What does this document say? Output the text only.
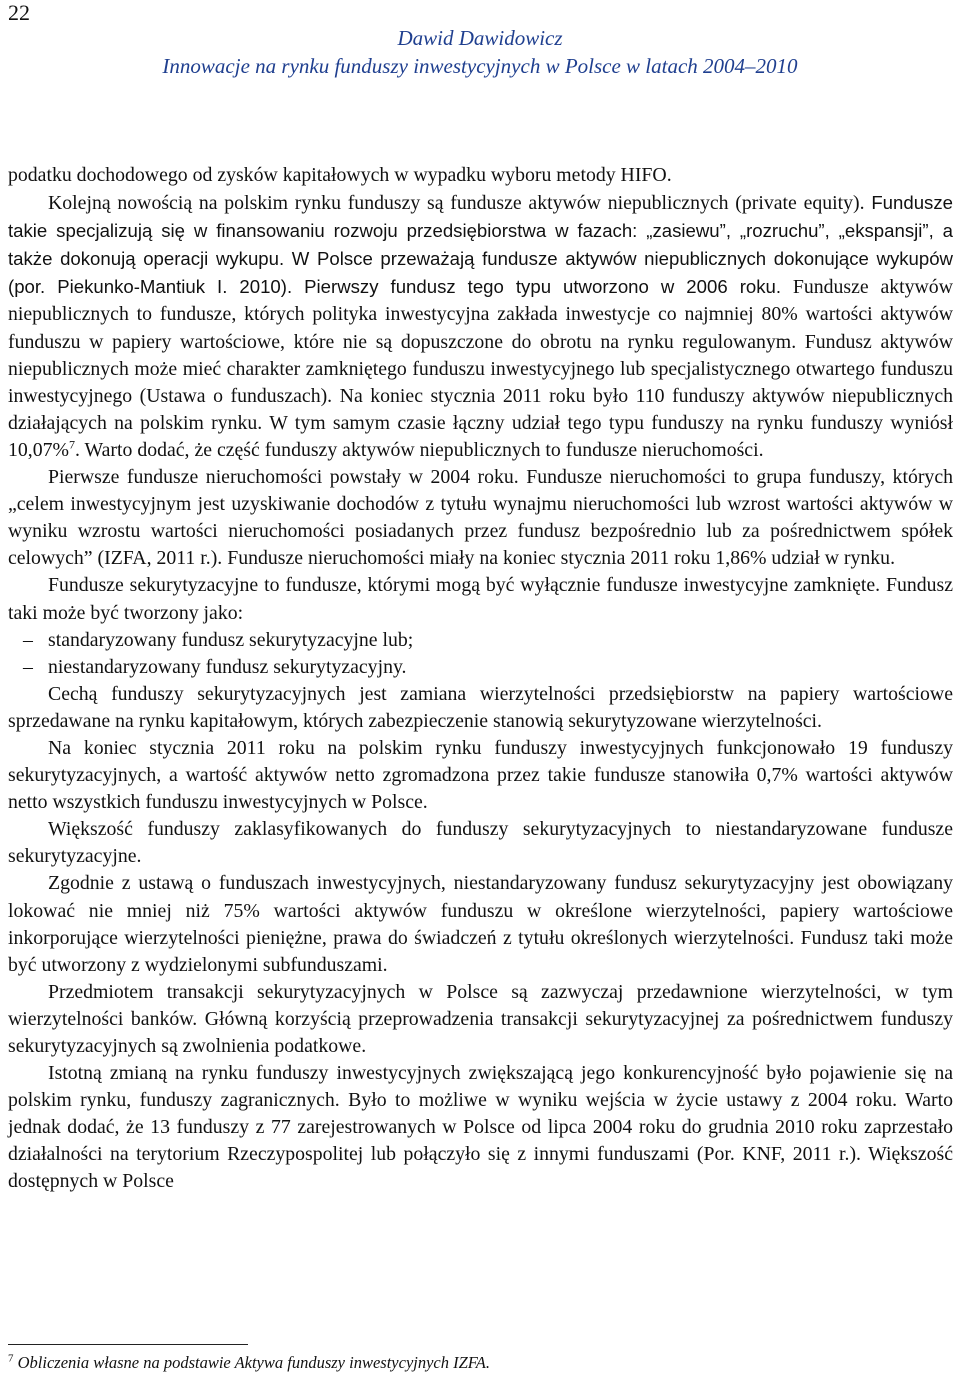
22
Dawid Dawidowicz
Innowacje na rynku funduszy inwestycyjnych w Polsce w latach 2004–2010

podatku dochodowego od zysków kapitałowych w wypadku wyboru metody HIFO.

Kolejną nowością na polskim rynku funduszy są fundusze aktywów niepublicznych (private equity). Fundusze takie specjalizują się w finansowaniu rozwoju przedsiębiorstwa w fazach: „zasiewu”, „rozruchu”, „ekspansji”, a także dokonują operacji wykupu. W Polsce przeważają fundusze aktywów niepublicznych dokonujące wykupów (por. Piekunko-Mantiuk I. 2010). Pierwszy fundusz tego typu utworzono w 2006 roku. Fundusze aktywów niepublicznych to fundusze, których polityka inwestycyjna zakłada inwestycje co najmniej 80% wartości aktywów funduszu w papiery wartościowe, które nie są dopuszczone do obrotu na rynku regulowanym. Fundusz aktywów niepublicznych może mieć charakter zamkniętego funduszu inwestycyjnego lub specjalistycznego otwartego funduszu inwestycyjnego (Ustawa o funduszach). Na koniec stycznia 2011 roku było 110 funduszy aktywów niepublicznych działających na polskim rynku. W tym samym czasie łączny udział tego typu funduszy na rynku funduszy wyniósł 10,07%$^7$. Warto dodać, że część funduszy aktywów niepublicznych to fundusze nieruchomości.

Pierwsze fundusze nieruchomości powstały w 2004 roku. Fundusze nieruchomości to grupa funduszy, których „celem inwestycyjnym jest uzyskiwanie dochodów z tytułu wynajmu nieruchomości lub wzrost wartości aktywów w wyniku wzrostu wartości nieruchomości posiadanych przez fundusz bezpośrednio lub za pośrednictwem spółek celowych” (IZFA, 2011 r.). Fundusze nieruchomości miały na koniec stycznia 2011 roku 1,86% udział w rynku.

Fundusze sekurytyzacyjne to fundusze, którymi mogą być wyłącznie fundusze inwestycyjne zamknięte. Fundusz taki może być tworzony jako:

– standaryzowany fundusz sekurytyzacyjne lub;

– niestandaryzowany fundusz sekurytyzacyjny.

Cechą funduszy sekurytyzacyjnych jest zamiana wierzytelności przedsiębiorstw na papiery wartościowe sprzedawane na rynku kapitałowym, których zabezpieczenie stanowią sekurytyzowane wierzytelności.

Na koniec stycznia 2011 roku na polskim rynku funduszy inwestycyjnych funkcjonowało 19 funduszy sekurytyzacyjnych, a wartość aktywów netto zgromadzona przez takie fundusze stanowiła 0,7% wartości aktywów netto wszystkich funduszu inwestycyjnych w Polsce.

Większość funduszy zaklasyfikowanych do funduszy sekurytyzacyjnych to niestandaryzowane fundusze sekurytyzacyjne.

Zgodnie z ustawą o funduszach inwestycyjnych, niestandaryzowany fundusz sekurytyzacyjny jest obowiązany lokować nie mniej niż 75% wartości aktywów funduszu w określone wierzytelności, papiery wartościowe inkorporujące wierzytelności pieniężne, prawa do świadczeń z tytułu określonych wierzytelności. Fundusz taki może być utworzony z wydzielonymi subfunduszami.

Przedmiotem transakcji sekurytyzacyjnych w Polsce są zazwyczaj przedawnione wierzytelności, w tym wierzytelności banków. Główną korzyścią przeprowadzenia transakcji sekurytyzacyjnej za pośrednictwem funduszy sekurytyzacyjnych są zwolnienia podatkowe.

Istotną zmianą na rynku funduszy inwestycyjnych zwiększającą jego konkurencyjność było pojawienie się na polskim rynku, funduszy zagranicznych. Było to możliwe w wyniku wejścia w życie ustawy z 2004 roku. Warto jednak dodać, że 13 funduszy z 77 zarejestrowanych w Polsce od lipca 2004 roku do grudnia 2010 roku zaprzestało działalności na terytorium Rzeczypospolitej lub połączyło się z innymi funduszami (Por. KNF, 2011 r.). Większość dostępnych w Polsce

$^7$ Obliczenia własne na podstawie Aktywa funduszy inwestycyjnych IZFA.
